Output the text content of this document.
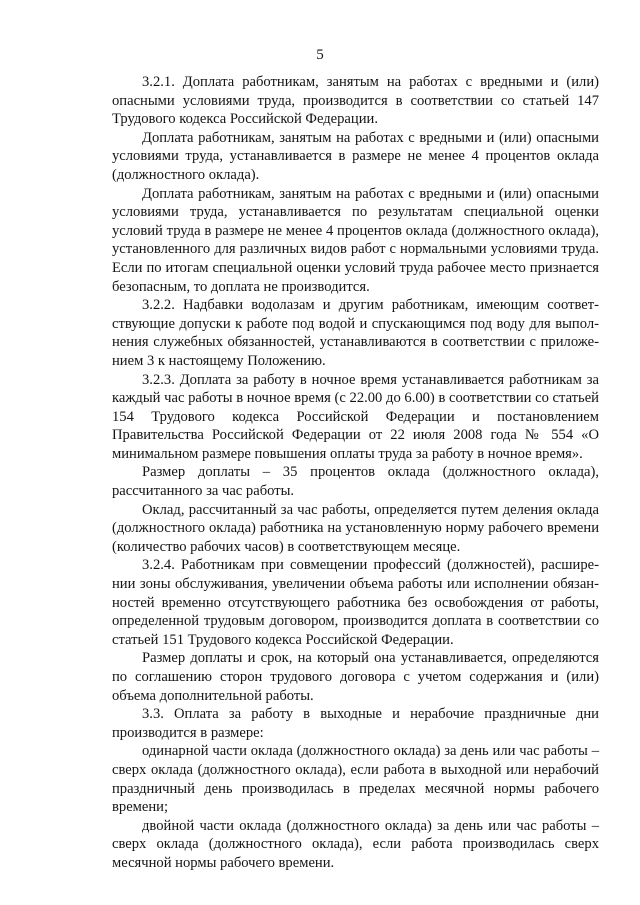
5

3.2.1. Доплата работникам, занятым на работах с вредными и (или) опасными условиями труда, производится в соответствии со статьей 147 Трудового кодекса Российской Федерации.

Доплата работникам, занятым на работах с вредными и (или) опасными условиями труда, устанавливается в размере не менее 4 процентов оклада (должностного оклада).

Доплата работникам, занятым на работах с вредными и (или) опасными условиями труда, устанавливается по результатам специальной оценки условий труда в размере не менее 4 процентов оклада (должностного оклада), установленного для различных видов работ с нормальными условиями труда. Если по итогам специальной оценки условий труда рабочее место признается безопасным, то доплата не производится.

3.2.2. Надбавки водолазам и другим работникам, имеющим соответствующие допуски к работе под водой и спускающимся под воду для выполнения служебных обязанностей, устанавливаются в соответствии с приложением 3 к настоящему Положению.

3.2.3. Доплата за работу в ночное время устанавливается работникам за каждый час работы в ночное время (с 22.00 до 6.00) в соответствии со статьей 154 Трудового кодекса Российской Федерации и постановлением Правительства Российской Федерации от 22 июля 2008 года № 554 «О минимальном размере повышения оплаты труда за работу в ночное время».

Размер доплаты – 35 процентов оклада (должностного оклада), рассчитанного за час работы.

Оклад, рассчитанный за час работы, определяется путем деления оклада (должностного оклада) работника на установленную норму рабочего времени (количество рабочих часов) в соответствующем месяце.

3.2.4. Работникам при совмещении профессий (должностей), расширении зоны обслуживания, увеличении объема работы или исполнении обязанностей временно отсутствующего работника без освобождения от работы, определенной трудовым договором, производится доплата в соответствии со статьей 151 Трудового кодекса Российской Федерации.

Размер доплаты и срок, на который она устанавливается, определяются по соглашению сторон трудового договора с учетом содержания и (или) объема дополнительной работы.

3.3. Оплата за работу в выходные и нерабочие праздничные дни производится в размере:

одинарной части оклада (должностного оклада) за день или час работы – сверх оклада (должностного оклада), если работа в выходной или нерабочий праздничный день производилась в пределах месячной нормы рабочего времени;

двойной части оклада (должностного оклада) за день или час работы – сверх оклада (должностного оклада), если работа производилась сверх месячной нормы рабочего времени.
